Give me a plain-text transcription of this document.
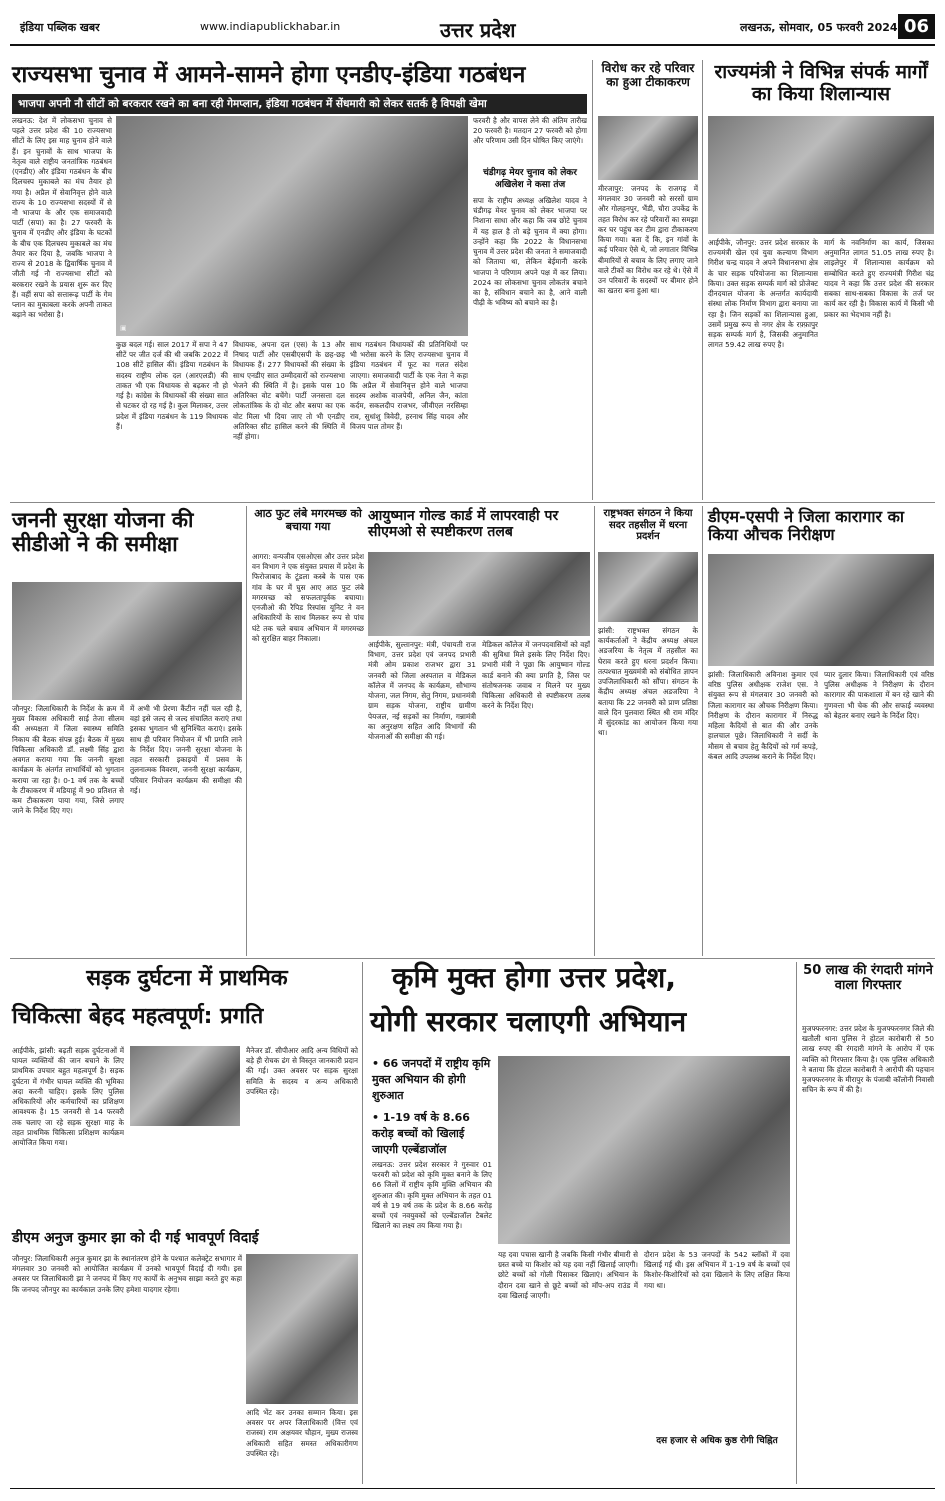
इंडिया पब्लिक खबर	www.indiapublickhabar.in	उत्तर प्रदेश	लखनऊ, सोमवार, 05 फरवरी 2024 06
राज्यसभा चुनाव में आमने-सामने होगा एनडीए-इंडिया गठबंधन
भाजपा अपनी नौ सीटों को बरकरार रखने का बना रही गेमप्लान, इंडिया गठबंधन में सेंधमारी को लेकर सतर्क है विपक्षी खेमा
लखनऊ: देश में लोकसभा चुनाव से पहले उत्तर प्रदेश की 10 राज्यसभा सीटों के लिए इस माह चुनाव होने वाले हैं। इन चुनावों के साथ भाजपा के नेतृत्व वाले राष्ट्रीय जनतांत्रिक गठबंधन (एनडीए) और इंडिया गठबंधन के बीच दिलचस्प मुकाबले का मंच तैयार हो गया है। अप्रैल में सेवानिवृत्त होने वाले राज्य के 10 राज्यसभा सदस्यों में से नौ भाजपा के और एक समाजवादी पार्टी (सपा) का है। 27 फरवरी के चुनाव में एनडीए और इंडिया के घटकों के बीच एक दिलचस्प मुकाबले का मंच तैयार कर दिया है, जबकि भाजपा ने राज्य से 2018 के द्विवार्षिक चुनाव में जीती गई नौ राज्यसभा सीटों को बरकरार रखने के प्रयास शुरू कर दिए हैं। वहीं सपा को सत्तारूढ़ पार्टी के गेम प्लान का मुकाबला करके अपनी ताकत बढ़ाने का भरोसा है।
▣
कुछ बदल गई। साल 2017 में सपा ने 47 सीटें पर जीत दर्ज की थी जबकि 2022 में 108 सीटें हासिल कीं। इंडिया गठबंधन के सदस्य राष्ट्रीय लोक दल (आरएलडी) की ताकत भी एक विधायक से बढ़कर नौ हो गई है। कांग्रेस के विधायकों की संख्या सात से घटकर दो रह गई है। कुल मिलाकर, उत्तर प्रदेश में इंडिया गठबंधन के 119 विधायक हैं।
विधायक, अपना दल (एस) के 13 और निषाद पार्टी और एसबीएसपी के छह-छह विधायक हैं। 277 विधायकों की संख्या के साथ एनडीए सात उम्मीदवारों को राज्यसभा भेजने की स्थिति में है। इसके पास 10 अतिरिक्त वोट बचेंगे। पार्टी जनसत्ता दल लोकतांत्रिक के दो वोट और बसपा का एक वोट मिला भी दिया जाए तो भी एनडीए अतिरिक्त सीट हासिल करने की स्थिति में नहीं होगा।
साथ गठबंधन विधायकों की प्रतिनिधियों पर भी भरोसा करने के लिए राज्यसभा चुनाव में इंडिया गठबंधन में फूट का गलत संदेश जाएगा। समाजवादी पार्टी के एक नेता ने कहा कि अप्रैल में सेवानिवृत्त होने वाले भाजपा सदस्य अशोक वाजपेयी, अनिल जैन, कांता कर्दम, सकलदीप राजभर, जीवीएल नरसिम्हा राव, सुधांशु त्रिवेदी, हरनाथ सिंह यादव और विजय पाल तोमर हैं।
फरवरी है और वापस लेने की अंतिम तारीख 20 फरवरी है। मतदान 27 फरवरी को होगा और परिणाम उसी दिन घोषित किए जाएंगे।
चंडीगढ़ मेयर चुनाव को लेकर अखिलेश ने कसा तंज
सपा के राष्ट्रीय अध्यक्ष अखिलेश यादव ने चंडीगढ़ मेयर चुनाव को लेकर भाजपा पर निशाना साधा और कहा कि जब छोटे चुनाव में यह हाल है तो बड़े चुनाव में क्या होगा। उन्होंने कहा कि 2022 के विधानसभा चुनाव में उत्तर प्रदेश की जनता ने समाजवादी को जिताया था, लेकिन बेईमानी करके भाजपा ने परिणाम अपने पक्ष में कर लिया। 2024 का लोकसभा चुनाव लोकतंत्र बचाने का है, संविधान बचाने का है, आने वाली पीढ़ी के भविष्य को बचाने का है।
विरोध कर रहे परिवार का हुआ टीकाकरण
मीरजापुर: जनपद के राजगढ़ में मंगलवार 30 जनवरी को सरसों ग्राम और गोलहनपुर, भैंडी, चौरा उपकेंद्र के तहत विरोध कर रहे परिवारों का समझा कर घर पहुंच कर टीम द्वारा टीकाकरण किया गया। बता दें कि, इन गांवों के कई परिवार ऐसे थे, जो लगातार विभिन्न बीमारियों से बचाव के लिए लगाए जाने वाले टीकों का विरोध कर रहे थे। ऐसे में उन परिवारों के सदस्यों पर बीमार होने का खतरा बना हुआ था।
राज्यमंत्री ने विभिन्न संपर्क मार्गों का किया शिलान्यास
आईपीके, जौनपुर: उत्तर प्रदेश सरकार के राज्यमंत्री खेल एवं युवा कल्याण विभाग गिरीश चन्द्र यादव ने अपने विधानसभा क्षेत्र के चार सड़क परियोजना का शिलान्यास किया। उक्त सड़क सम्पर्क मार्ग को प्रोजेक्ट दीनदयाल योजना के अन्तर्गत कार्यदायी संस्था लोक निर्माण विभाग द्वारा बनाया जा रहा है। जिन सड़कों का शिलान्यास हुआ, उसमें प्रमुख रूप से नगर क्षेत्र के रफ़्फ़ापुर सड़क सम्पर्क मार्ग है, जिसकी अनुमानित लागत 59.42 लाख रुपए है।
मार्ग के नवनिर्माण का कार्य, जिसका अनुमानित लागत 51.05 लाख रुपए है। लाइलेपुर में शिलान्यास कार्यक्रम को सम्बोधित करते हुए राज्यमंत्री गिरीश चंद्र यादव ने कहा कि उत्तर प्रदेश की सरकार सबका साथ-सबका विकास के तर्ज पर कार्य कर रही है। विकास कार्य में किसी भी प्रकार का भेदभाव नहीं है।
जननी सुरक्षा योजना की सीडीओ ने की समीक्षा
जौनपुर: जिलाधिकारी के निर्देश के क्रम में मुख्य विकास अधिकारी साई तेजा सीलम की अध्यक्षता में जिला स्वास्थ्य समिति निकाय की बैठक संपन्न हुई। बैठक में मुख्य चिकित्सा अधिकारी डॉ. लक्ष्मी सिंह द्वारा अवगत कराया गया कि जननी सुरक्षा कार्यक्रम के अंतर्गत लाभार्थियों को भुगतान कराया जा रहा है। 0-1 वर्ष तक के बच्चों के टीकाकरण में मडियाहूं में 90 प्रतिशत से कम टीकाकरण पाया गया, जिसे लगाए जाने के निर्देश दिए गए।
में अभी भी प्रेरणा कैंटीन नहीं चल रही है, वहां इसे जल्द से जल्द संचालित कराएं तथा इसका भुगतान भी सुनिश्चित कराएं। इसके साथ ही परिवार नियोजन में भी प्रगति लाने के निर्देश दिए। जननी सुरक्षा योजना के तहत सरकारी इकाइयों में प्रसव के तुलनात्मक विवरण, जननी सुरक्षा कार्यक्रम, परिवार नियोजन कार्यक्रम की समीक्षा की गई।
आठ फुट लंबे मगरमच्छ को बचाया गया
आगरा: वन्यजीव एसओएस और उत्तर प्रदेश वन विभाग ने एक संयुक्त प्रयास में प्रदेश के फिरोजाबाद के टूंडला कस्बे के पास एक गांव के घर में घुस आए आठ फुट लंबे मगरमच्छ को सफलतापूर्वक बचाया। एनजीओ की रैपिड रिस्पांस यूनिट ने वन अधिकारियों के साथ मिलकर रूप से पांच घंटे तक चले बचाव अभियान में मगरमच्छ को सुरक्षित बाहर निकाला।
आयुष्मान गोल्ड कार्ड में लापरवाही पर सीएमओ से स्पष्टीकरण तलब
आईपीके, सुल्तानपुर: मंत्री, पंचायती राज विभाग, उत्तर प्रदेश एवं जनपद प्रभारी मंत्री ओम प्रकाश राजभर द्वारा 31 जनवरी को जिला अस्पताल व मेडिकल कॉलेज में जनपद के कार्यक्रम, सौभाग्य योजना, जल निगम, सेतु निगम, प्रधानमंत्री ग्राम सड़क योजना, राष्ट्रीय ग्रामीण पेयजल, नई सड़कों का निर्माण, गन्नामंत्री का अनुरक्षण सहित आदि विभागों की योजनाओं की समीक्षा की गई।
मेडिकल कॉलेज में जनपदवासियों को वहाँ की सुविधा मिले इसके लिए निर्देश दिए। प्रभारी मंत्री ने पूछा कि आयुष्मान गोल्ड कार्ड बनाने की क्या प्रगति है, जिस पर संतोषजनक जवाब न मिलने पर मुख्य चिकित्सा अधिकारी से स्पष्टीकरण तलब करने के निर्देश दिए।
राष्ट्रभक्त संगठन ने किया सदर तहसील में धरना प्रदर्शन
झांसी: राष्ट्रभक्त संगठन के कार्यकर्ताओं ने केंद्रीय अध्यक्ष अंचल अडजरिया के नेतृत्व में तहसील का घेराव करते हुए धरना प्रदर्शन किया। तत्पश्चात मुख्यमंत्री को संबोधित ज्ञापन उपजिलाधिकारी को सौंपा। संगठन के केंद्रीय अध्यक्ष अंचल अडजरिया ने बताया कि 22 जनवरी को प्राण प्रतिष्ठा वाले दिन पुलवारा स्थित श्री राम मंदिर में सुंदरकांड का आयोजन किया गया था।
डीएम-एसपी ने जिला कारागार का किया औचक निरीक्षण
झांसी: जिलाधिकारी अविनाश कुमार एवं वरिष्ठ पुलिस अधीक्षक राजेश एस. ने संयुक्त रूप से मंगलवार 30 जनवरी को जिला कारागार का औचक निरीक्षण किया। निरीक्षण के दौरान कारागार में निरुद्ध महिला कैदियों से बात की और उनके हालचाल पूछे। जिलाधिकारी ने सर्दी के मौसम से बचाव हेतु कैदियों को गर्म कपड़े, कंबल आदि उपलब्ध कराने के निर्देश दिए।
प्यार दुलार किया। जिलाधिकारी एवं वरिष्ठ पुलिस अधीक्षक ने निरीक्षण के दौरान कारागार की पाकशाला में बन रहे खाने की गुणवत्ता भी चेक की और सफाई व्यवस्था को बेहतर बनाए रखने के निर्देश दिए।
सड़क दुर्घटना में प्राथमिक
चिकित्सा बेहद महत्वपूर्ण: प्रगति
आईपीके, झांसी: बढ़ती सड़क दुर्घटनाओं में घायल व्यक्तियों की जान बचाने के लिए प्राथमिक उपचार बहुत महत्वपूर्ण है। सड़क दुर्घटना में गंभीर घायल व्यक्ति की भूमिका अदा करनी चाहिए। इसके लिए पुलिस अधिकारियों और कर्मचारियों का प्रशिक्षण आवश्यक है। 15 जनवरी से 14 फरवरी तक चलाए जा रहे सड़क सुरक्षा माह के तहत प्राथमिक चिकित्सा प्रशिक्षण कार्यक्रम आयोजित किया गया।
मैनेजर डॉ. सीपीआर आदि अन्य विधियों को बड़े ही रोचक ढंग से विस्तृत जानकारी प्रदान की गई। उक्त अवसर पर सड़क सुरक्षा समिति के सदस्य व अन्य अधिकारी उपस्थित रहे।
डीएम अनुज कुमार झा को दी गई भावपूर्ण विदाई
जौनपुर: जिलाधिकारी अनुज कुमार झा के स्थानांतरण होने के पश्चात कलेक्ट्रेट सभागार में मंगलवार 30 जनवरी को आयोजित कार्यक्रम में उनको भावपूर्ण विदाई दी गयी। इस अवसर पर जिलाधिकारी झा ने जनपद में किए गए कार्यों के अनुभव साझा करते हुए कहा कि जनपद जौनपुर का कार्यकाल उनके लिए हमेशा यादगार रहेगा।
आदि भेंट कर उनका सम्मान किया। इस अवसर पर अपर जिलाधिकारी (वित्त एवं राजस्व) राम अक्षयवर चौहान, मुख्य राजस्व अधिकारी सहित समस्त अधिकारीगण उपस्थित रहे।
कृमि मुक्त होगा उत्तर प्रदेश,
योगी सरकार चलाएगी अभियान
• 66 जनपदों में राष्ट्रीय कृमि मुक्त अभियान की होगी शुरुआत
• 1-19 वर्ष के 8.66 करोड़ बच्चों को खिलाई जाएगी एल्बेंडाजॉल
लखनऊ: उत्तर प्रदेश सरकार ने गुरुवार 01 फरवरी को प्रदेश को कृमि मुक्त बनाने के लिए 66 जिलों में राष्ट्रीय कृमि मुक्ति अभियान की शुरुआत की। कृमि मुक्त अभियान के तहत 01 वर्ष से 19 वर्ष तक के प्रदेश के 8.66 करोड़ बच्चों एवं नवयुवकों को एल्बेंडाजॉल टैबलेट खिलाने का लक्ष्य तय किया गया है।
यह दवा पचास खानी है जबकि किसी गंभीर बीमारी से ग्रस्त बच्चे या किशोर को यह दवा नहीं खिलाई जाएगी। छोटे बच्चों को गोली पिसाकर खिलाएं। अभियान के दौरान दवा खाने से छूटे बच्चों को मॉप-अप राउंड में दवा खिलाई जाएगी।
दौरान प्रदेश के 53 जनपदों के 542 ब्लॉकों में दवा खिलाई गई थी। इस अभियान में 1-19 वर्ष के बच्चों एवं किशोर-किशोरियों को दवा खिलाने के लिए लक्षित किया गया था।
दस हजार से अधिक कुष्ठ रोगी चिह्नित
50 लाख की रंगदारी मांगने वाला गिरफ्तार
मुजफ्फरनगर: उत्तर प्रदेश के मुजफ्फरनगर जिले की खतौली थाना पुलिस ने होटल कारोबारी से 50 लाख रुपए की रंगदारी मांगने के आरोप में एक व्यक्ति को गिरफ्तार किया है। एक पुलिस अधिकारी ने बताया कि होटल कारोबारी ने आरोपी की पहचान मुजफ्फरनगर के मीरापुर के पंजाबी कॉलोनी निवासी सचिन के रूप में की है।
